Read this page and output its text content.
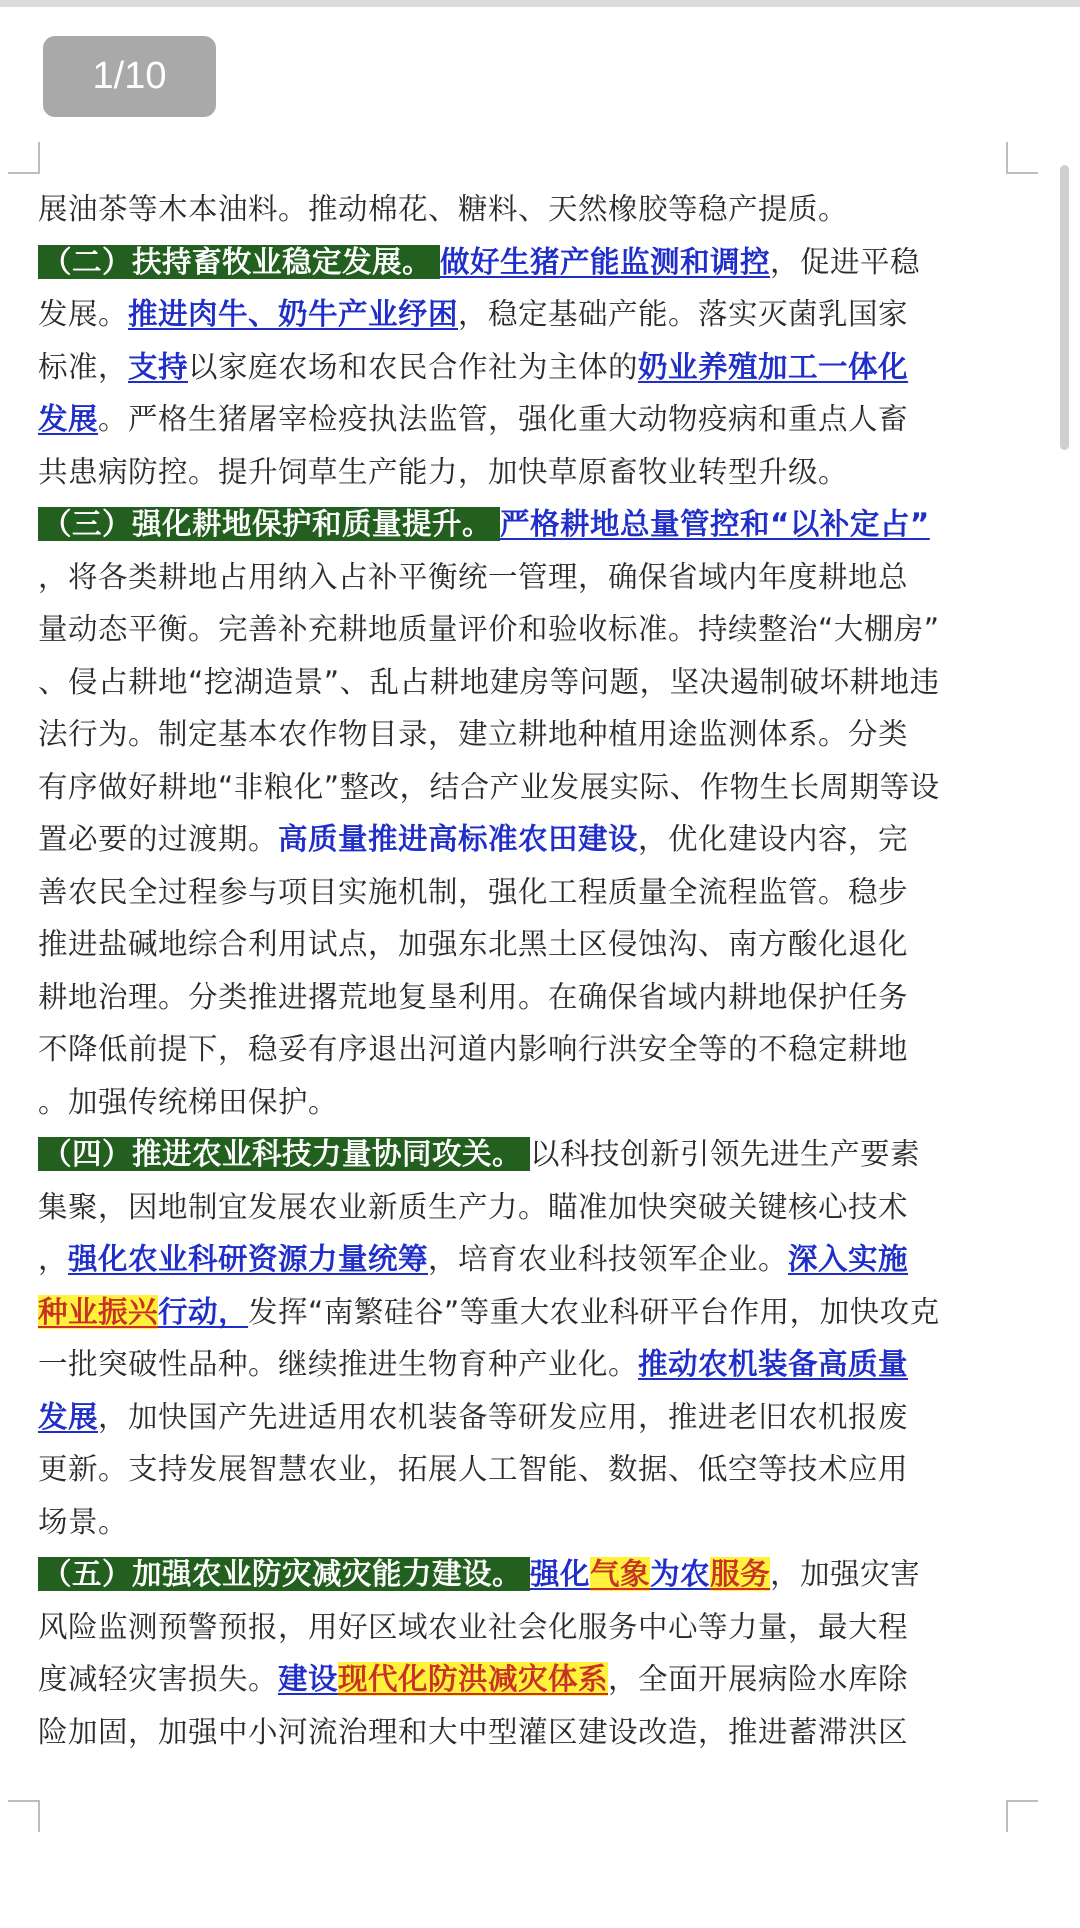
1/10
展油茶等木本油料。推动棉花、糖料、天然橡胶等稳产提质。
（二）扶持畜牧业稳定发展。 做好生猪产能监测和调控，促进平稳
发展。推进肉牛、奶牛产业纾困，稳定基础产能。落实灭菌乳国家
标准，支持以家庭农场和农民合作社为主体的奶业养殖加工一体化
发展。严格生猪屠宰检疫执法监管，强化重大动物疫病和重点人畜
共患病防控。提升饲草生产能力，加快草原畜牧业转型升级。
（三）强化耕地保护和质量提升。 严格耕地总量管控和“以补定占”
，将各类耕地占用纳入占补平衡统一管理，确保省域内年度耕地总
量动态平衡。完善补充耕地质量评价和验收标准。持续整治“大棚房”
、侵占耕地“挖湖造景”、乱占耕地建房等问题，坚决遏制破坏耕地违
法行为。制定基本农作物目录，建立耕地种植用途监测体系。分类
有序做好耕地“非粮化”整改，结合产业发展实际、作物生长周期等设
置必要的过渡期。高质量推进高标准农田建设，优化建设内容，完
善农民全过程参与项目实施机制，强化工程质量全流程监管。稳步
推进盐碱地综合利用试点，加强东北黑土区侵蚀沟、南方酸化退化
耕地治理。分类推进撂荒地复垦利用。在确保省域内耕地保护任务
不降低前提下，稳妥有序退出河道内影响行洪安全等的不稳定耕地
。加强传统梯田保护。
（四）推进农业科技力量协同攻关。 以科技创新引领先进生产要素
集聚，因地制宜发展农业新质生产力。瞄准加快突破关键核心技术
，强化农业科研资源力量统筹，培育农业科技领军企业。深入实施
种业振兴行动，发挥“南繁硅谷”等重大农业科研平台作用，加快攻克
一批突破性品种。继续推进生物育种产业化。推动农机装备高质量
发展，加快国产先进适用农机装备等研发应用，推进老旧农机报废
更新。支持发展智慧农业，拓展人工智能、数据、低空等技术应用
场景。
（五）加强农业防灾减灾能力建设。 强化气象为农服务，加强灾害
风险监测预警预报，用好区域农业社会化服务中心等力量，最大程
度减轻灾害损失。建设现代化防洪减灾体系，全面开展病险水库除
险加固，加强中小河流治理和大中型灌区建设改造，推进蓄滞洪区
